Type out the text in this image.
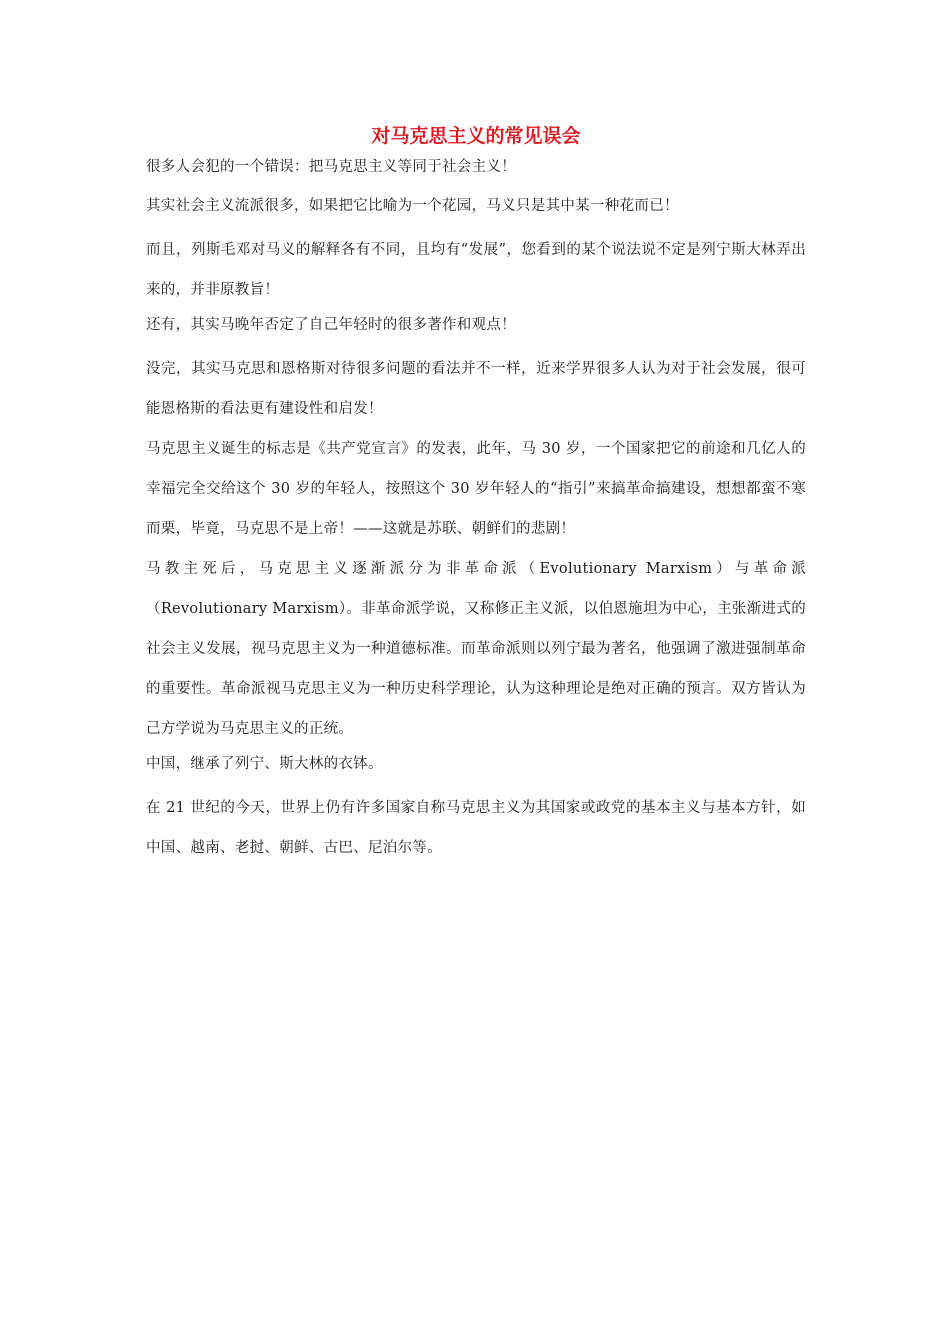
对马克思主义的常见误会

很多人会犯的一个错误：把马克思主义等同于社会主义！

其实社会主义流派很多，如果把它比喻为一个花园，马义只是其中某一种花而已！

而且，列斯毛邓对马义的解释各有不同，且均有“发展”，您看到的某个说法说不定是列宁斯大林弄出来的，并非原教旨！

还有，其实马晚年否定了自己年轻时的很多著作和观点！

没完，其实马克思和恩格斯对待很多问题的看法并不一样，近来学界很多人认为对于社会发展，很可能恩格斯的看法更有建设性和启发！

马克思主义诞生的标志是《共产党宣言》的发表，此年，马 30 岁，一个国家把它的前途和几亿人的幸福完全交给这个 30 岁的年轻人，按照这个 30 岁年轻人的“指引”来搞革命搞建设，想想都蛮不寒而栗，毕竟，马克思不是上帝！——这就是苏联、朝鲜们的悲剧！

马教主死后，马克思主义逐渐派分为非革命派（Evolutionary Marxism）与革命派（Revolutionary Marxism）。非革命派学说，又称修正主义派，以伯恩施坦为中心，主张渐进式的社会主义发展，视马克思主义为一种道德标准。而革命派则以列宁最为著名，他强调了激进强制革命的重要性。革命派视马克思主义为一种历史科学理论，认为这种理论是绝对正确的预言。双方皆认为己方学说为马克思主义的正统。

中国，继承了列宁、斯大林的衣钵。

在 21 世纪的今天，世界上仍有许多国家自称马克思主义为其国家或政党的基本主义与基本方针，如中国、越南、老挝、朝鲜、古巴、尼泊尔等。
